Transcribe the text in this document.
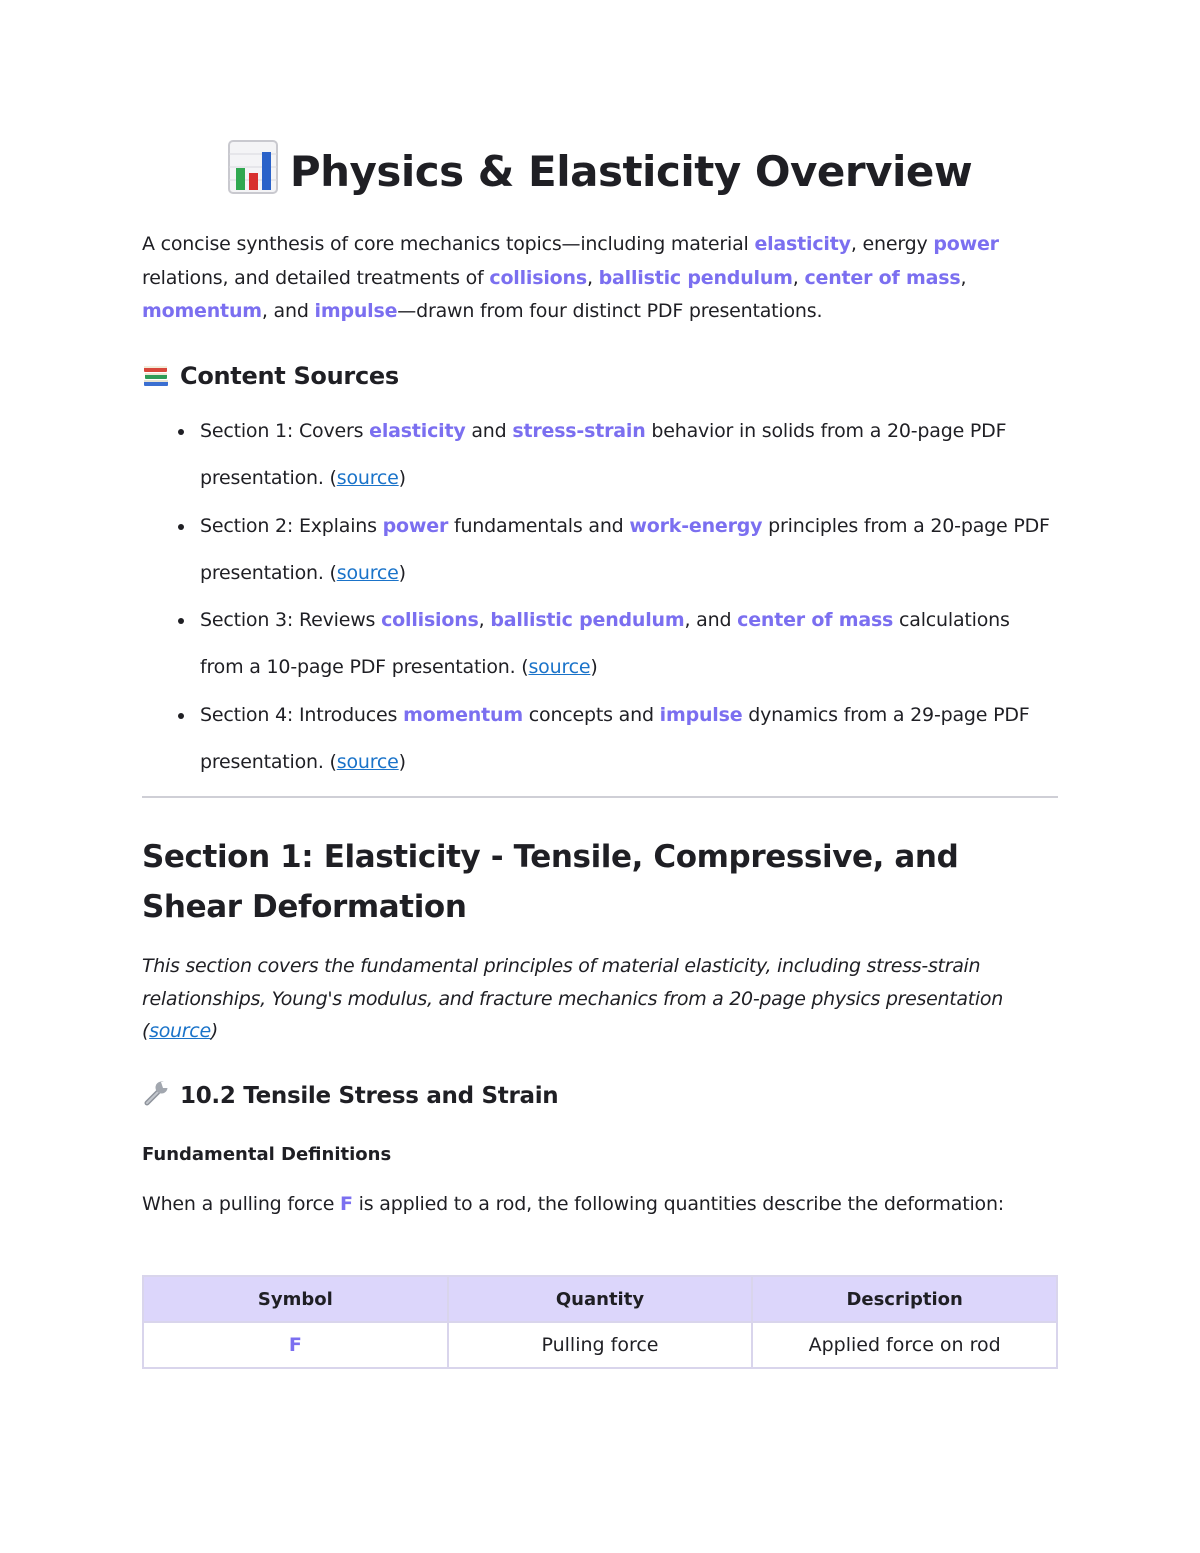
Physics & Elasticity Overview
A concise synthesis of core mechanics topics—including material elasticity, energy power relations, and detailed treatments of collisions, ballistic pendulum, center of mass, momentum, and impulse—drawn from four distinct PDF presentations.
Content Sources
Section 1: Covers elasticity and stress-strain behavior in solids from a 20-page PDF presentation. (source)
Section 2: Explains power fundamentals and work-energy principles from a 20-page PDF presentation. (source)
Section 3: Reviews collisions, ballistic pendulum, and center of mass calculations from a 10-page PDF presentation. (source)
Section 4: Introduces momentum concepts and impulse dynamics from a 29-page PDF presentation. (source)
Section 1: Elasticity - Tensile, Compressive, and Shear Deformation
This section covers the fundamental principles of material elasticity, including stress-strain relationships, Young's modulus, and fracture mechanics from a 20-page physics presentation (source)
10.2 Tensile Stress and Strain
Fundamental Definitions
When a pulling force F is applied to a rod, the following quantities describe the deformation:
Symbol	Quantity	Description
F	Pulling force	Applied force on rod
